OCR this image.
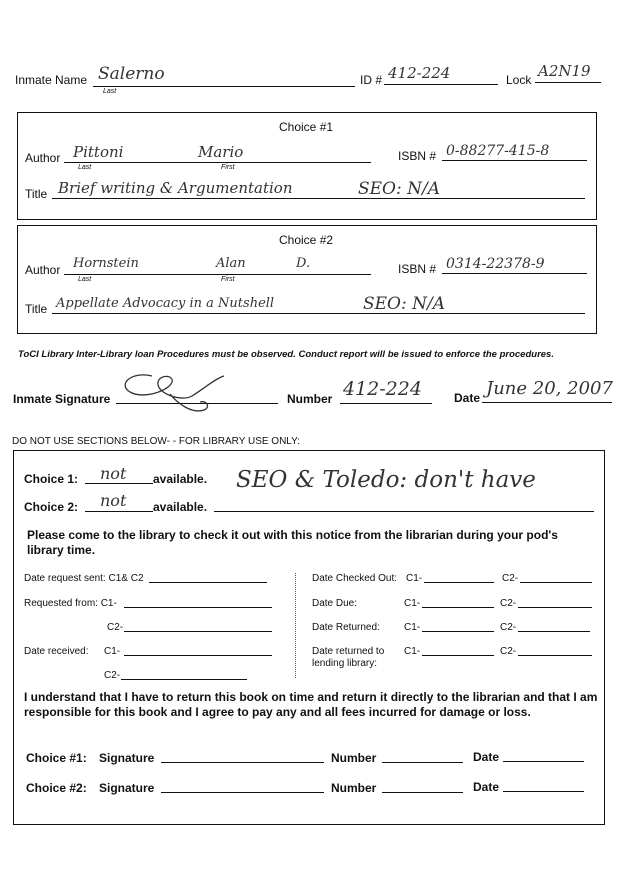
Inmate Name Salerno
Last
ID # 412-224	Lock A2N19
Choice #1
Author Pittoni	Mario
Last	First
ISBN # 0-88277-415-8
Title Brief writing & Argumentation	SEO: N/A
Choice #2
Author Hornstein	Alan	D.
Last	First
ISBN # 0314-22378-9
Title Appellate Advocacy in a Nutshell	SEO: N/A
ToCI Library Inter-Library loan Procedures must be observed. Conduct report will be issued to enforce the procedures.
Inmate Signature	Number 412-224	Date June 20, 2007
DO NOT USE SECTIONS BELOW- - FOR LIBRARY USE ONLY:
Choice 1: not available.
Choice 2: not available.
SEO & Toledo: don't have
Please come to the library to check it out with this notice from the librarian during your pod's library time.
Date request sent: C1& C2
Requested from: C1-
C2-
Date received: C1-
C2-
Date Checked Out: C1-	C2-
Date Due:	C1-	C2-
Date Returned: C1-	C2-
Date returned to
lending library:
C1-	C2-
I understand that I have to return this book on time and return it directly to the librarian and that I am responsible for this book and I agree to pay any and all fees incurred for damage or loss.
Choice #1: Signature	Number	Date
Choice #2: Signature	Number	Date
